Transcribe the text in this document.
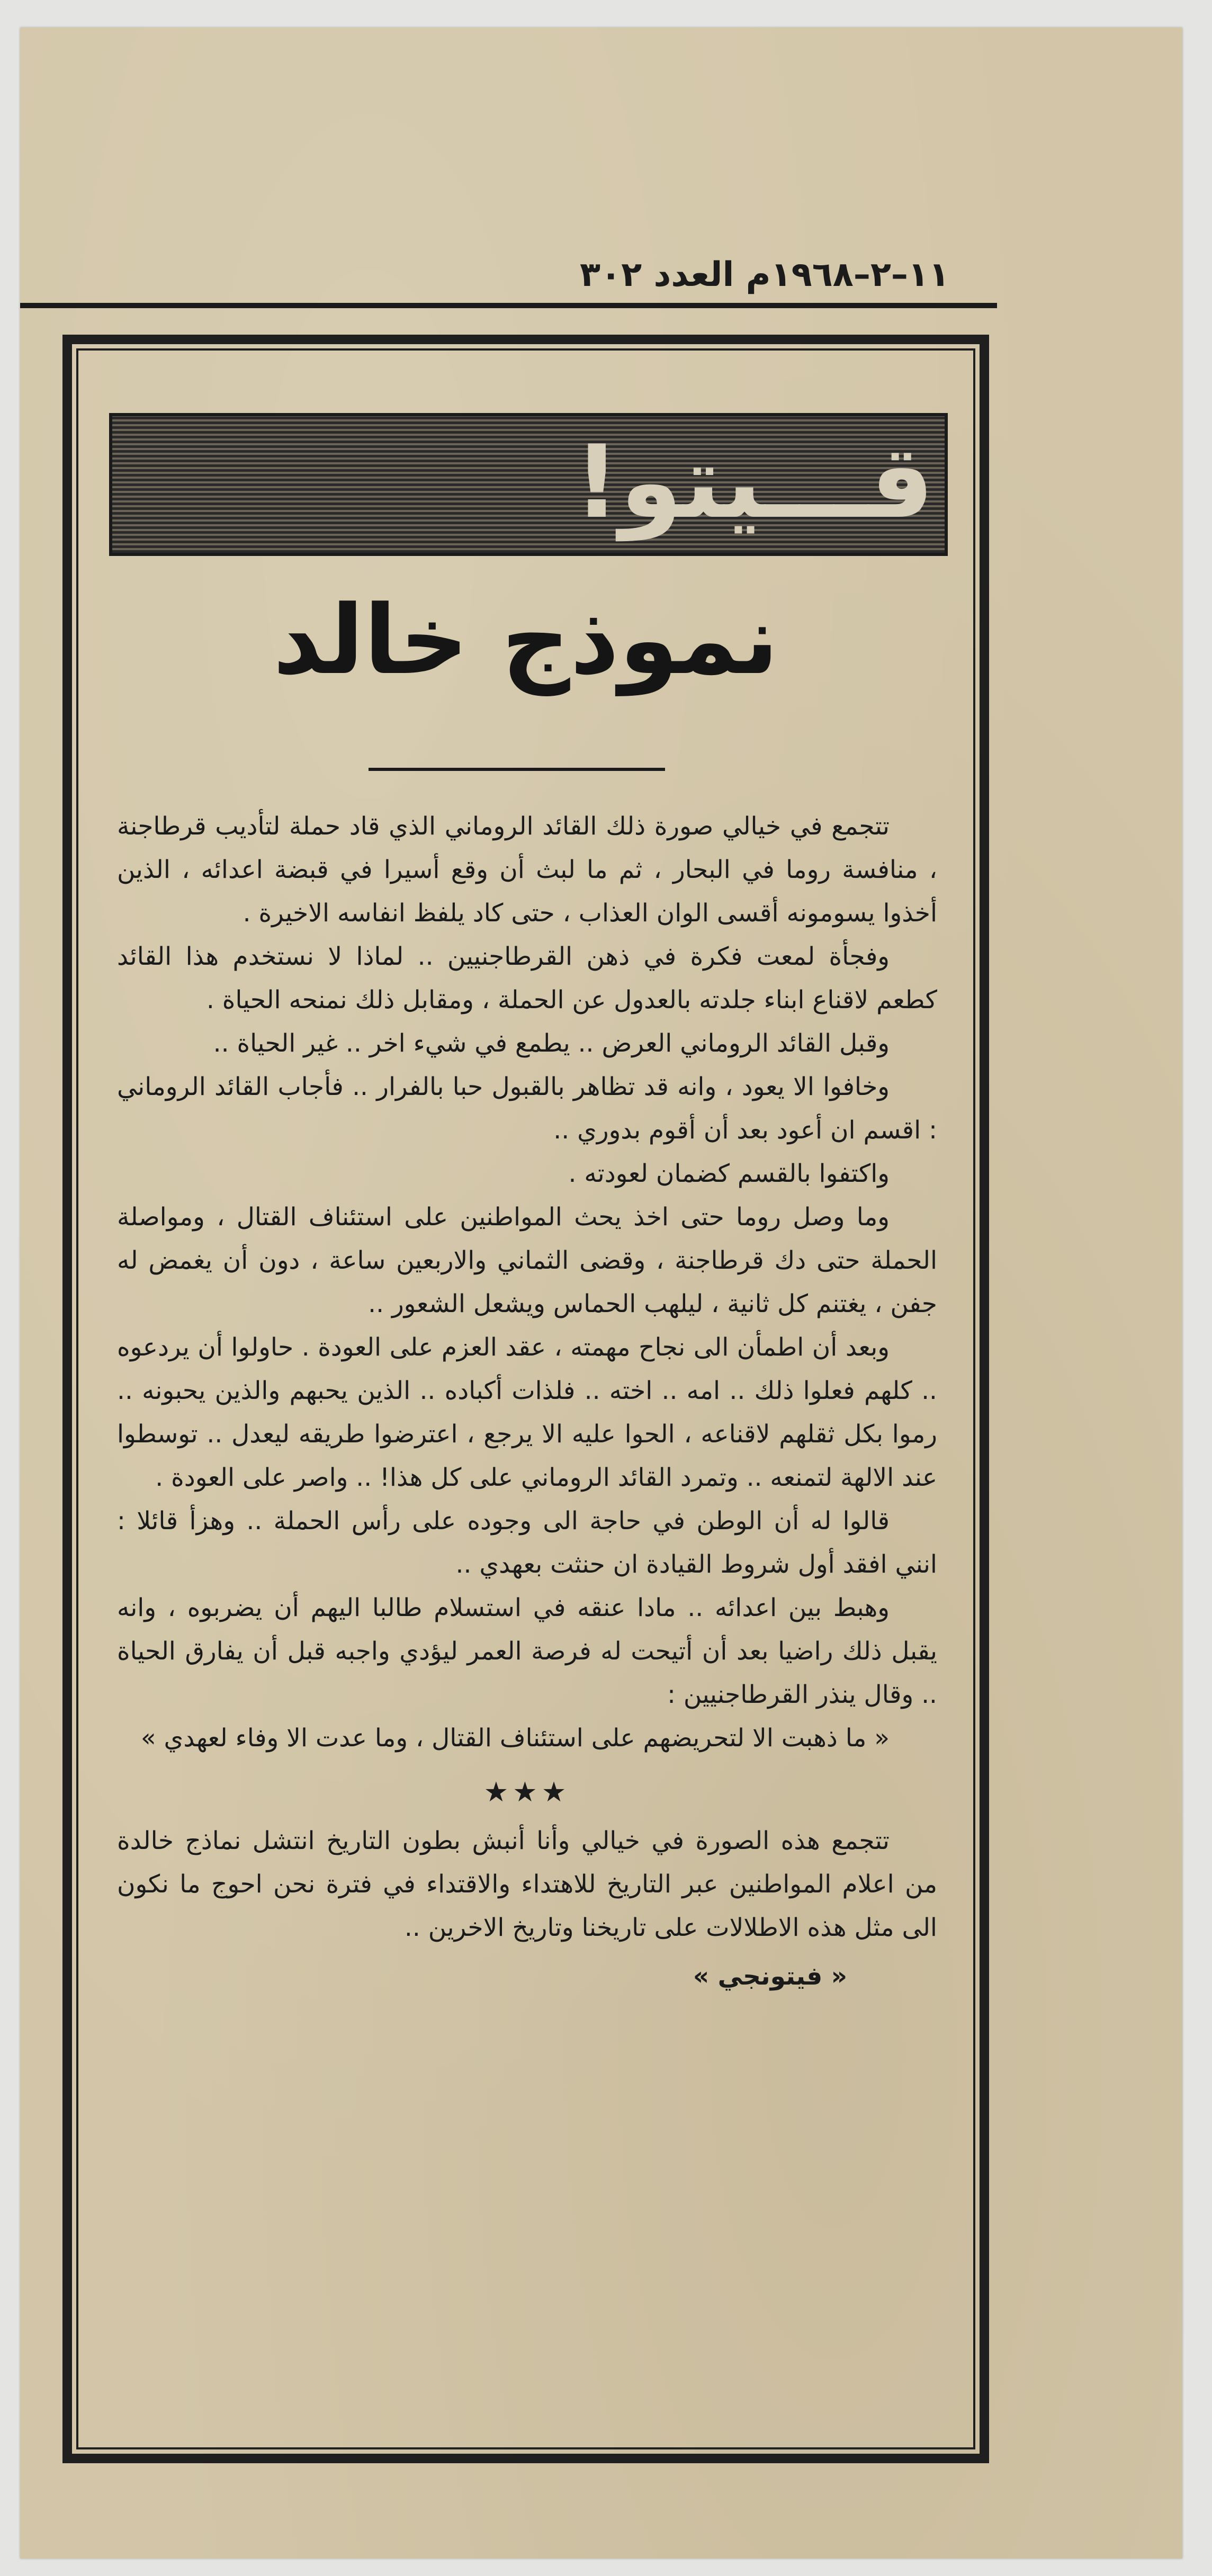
١١–٢–١٩٦٨م العدد ٣٠٢
قـــيتو!
نموذج خالد

تتجمع في خيالي صورة ذلك القائد الروماني الذي قاد حملة لتأديب قرطاجنة ، منافسة روما في البحار ، ثم ما لبث أن وقع أسيرا في قبضة اعدائه ، الذين أخذوا يسومونه أقسى الوان العذاب ، حتى كاد يلفظ انفاسه الاخيرة .

وفجأة لمعت فكرة في ذهن القرطاجنيين .. لماذا لا نستخدم هذا القائد كطعم لاقناع ابناء جلدته بالعدول عن الحملة ، ومقابل ذلك نمنحه الحياة .

وقبل القائد الروماني العرض .. يطمع في شيء اخر .. غير الحياة ..

وخافوا الا يعود ، وانه قد تظاهر بالقبول حبا بالفرار .. فأجاب القائد الروماني : اقسم ان أعود بعد أن أقوم بدوري ..

واكتفوا بالقسم كضمان لعودته .

وما وصل روما حتى اخذ يحث المواطنين على استئناف القتال ، ومواصلة الحملة حتى دك قرطاجنة ، وقضى الثماني والاربعين ساعة ، دون أن يغمض له جفن ، يغتنم كل ثانية ، ليلهب الحماس ويشعل الشعور ..

وبعد أن اطمأن الى نجاح مهمته ، عقد العزم على العودة . حاولوا أن يردعوه .. كلهم فعلوا ذلك .. امه .. اخته .. فلذات أكباده .. الذين يحبهم والذين يحبونه .. رموا بكل ثقلهم لاقناعه ، الحوا عليه الا يرجع ، اعترضوا طريقه ليعدل .. توسطوا عند الالهة لتمنعه .. وتمرد القائد الروماني على كل هذا! .. واصر على العودة .

قالوا له أن الوطن في حاجة الى وجوده على رأس الحملة .. وهزأ قائلا : انني افقد أول شروط القيادة ان حنثت بعهدي ..

وهبط بين اعدائه .. مادا عنقه في استسلام طالبا اليهم أن يضربوه ، وانه يقبل ذلك راضيا بعد أن أتيحت له فرصة العمر ليؤدي واجبه قبل أن يفارق الحياة .. وقال ينذر القرطاجنيين :

« ما ذهبت الا لتحريضهم على استئناف القتال ، وما عدت الا وفاء لعهدي »

★★★

تتجمع هذه الصورة في خيالي وأنا أنبش بطون التاريخ انتشل نماذج خالدة من اعلام المواطنين عبر التاريخ للاهتداء والاقتداء في فترة نحن احوج ما نكون الى مثل هذه الاطلالات على تاريخنا وتاريخ الاخرين ..

« فيتونجي »
